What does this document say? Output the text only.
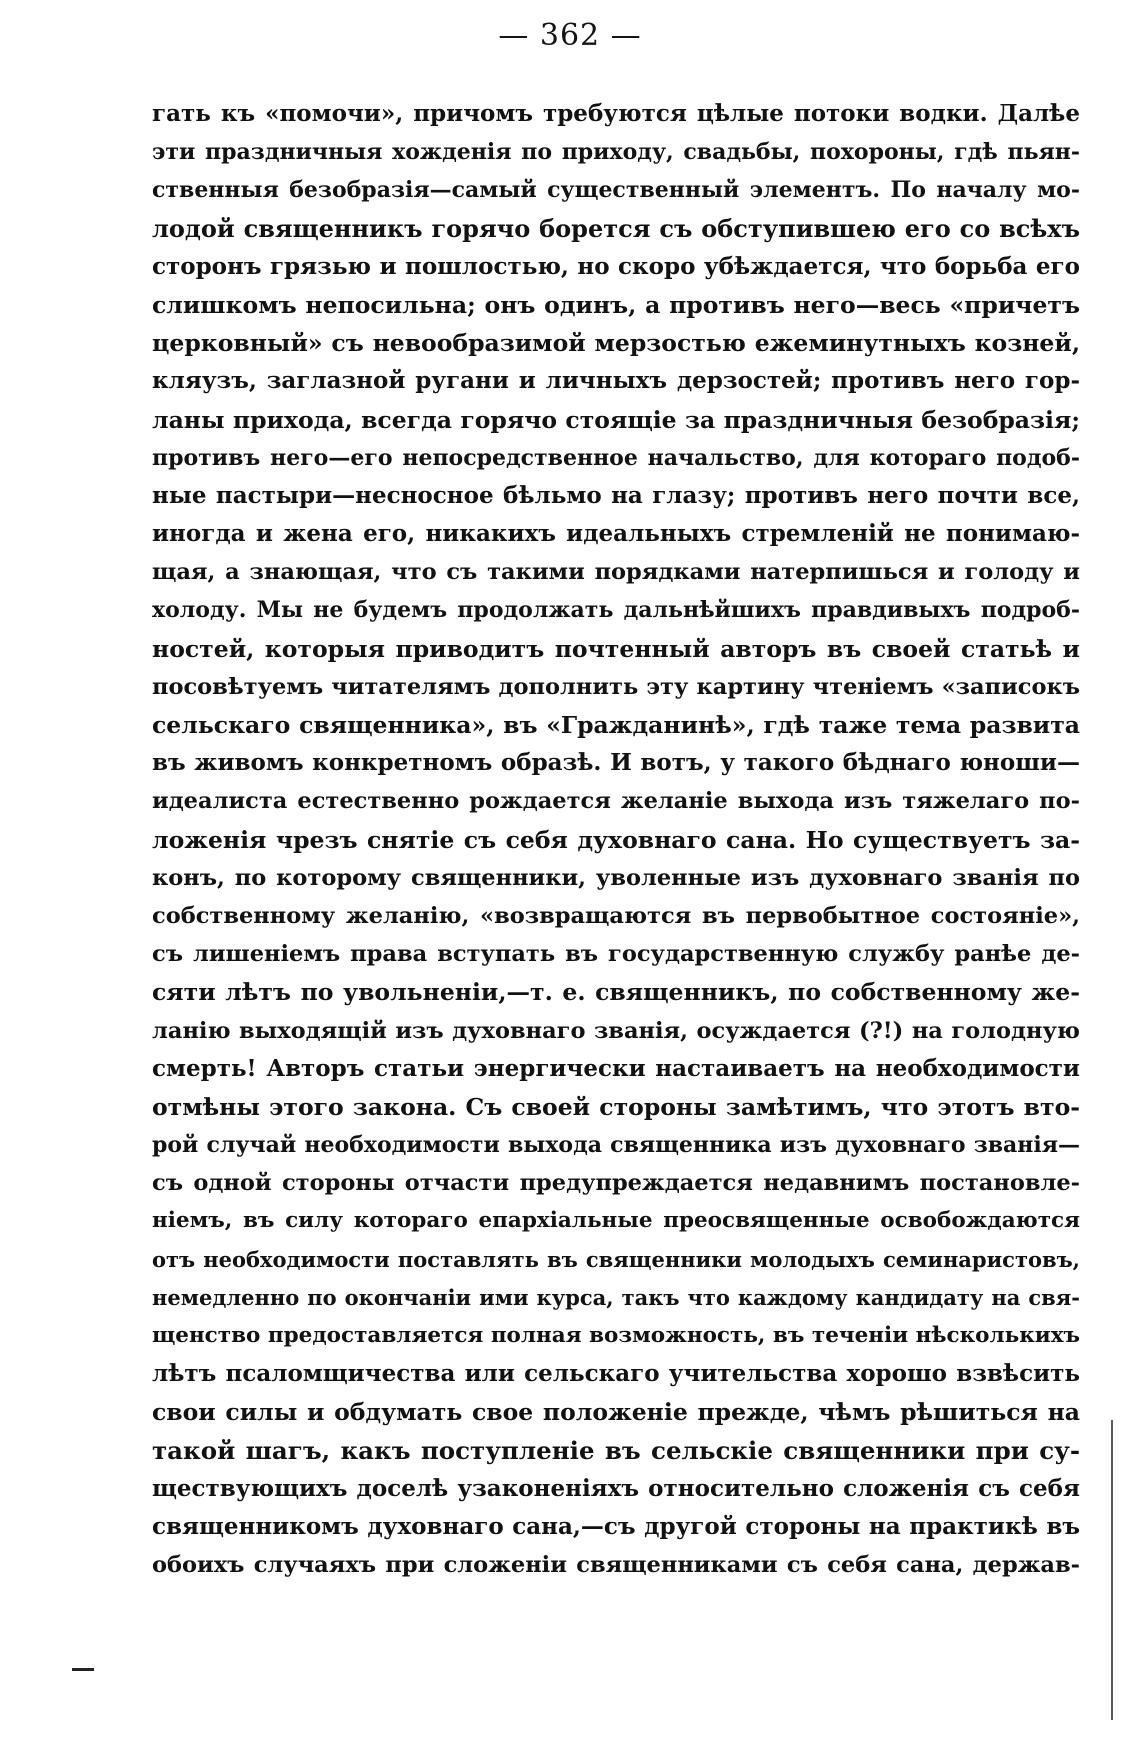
— 362 —
гать къ «помочи», причомъ требуются цѣлые потоки водки. Далѣе
эти праздничныя хожденія по приходу, свадьбы, похороны, гдѣ пьян-
ственныя безобразія—самый существенный элементъ. По началу мо-
лодой священникъ горячо борется съ обступившею его со всѣхъ
сторонъ грязью и пошлостью, но скоро убѣждается, что борьба его
слишкомъ непосильна; онъ одинъ, а противъ него—весь «причетъ
церковный» съ невообразимой мерзостью ежеминутныхъ козней,
кляузъ, заглазной ругани и личныхъ дерзостей; противъ него гор-
ланы прихода, всегда горячо стоящіе за праздничныя безобразія;
противъ него—его непосредственное начальство, для котораго подоб-
ные пастыри—несносное бѣльмо на глазу; противъ него почти все,
иногда и жена его, никакихъ идеальныхъ стремленій не понимаю-
щая, а знающая, что съ такими порядками натерпишься и голоду и
холоду. Мы не будемъ продолжать дальнѣйшихъ правдивыхъ подроб-
ностей, которыя приводитъ почтенный авторъ въ своей статьѣ и
посовѣтуемъ читателямъ дополнить эту картину чтеніемъ «записокъ
сельскаго священника», въ «Гражданинѣ», гдѣ таже тема развита
въ живомъ конкретномъ образѣ. И вотъ, у такого бѣднаго юноши—
идеалиста естественно рождается желаніе выхода изъ тяжелаго по-
ложенія чрезъ снятіе съ себя духовнаго сана. Но существуетъ за-
конъ, по которому священники, уволенные изъ духовнаго званія по
собственному желанію, «возвращаются въ первобытное состояніе»,
съ лишеніемъ права вступать въ государственную службу ранѣе де-
сяти лѣтъ по увольненіи,—т. е. священникъ, по собственному же-
ланію выходящій изъ духовнаго званія, осуждается (?!) на голодную
смерть! Авторъ статьи энергически настаиваетъ на необходимости
отмѣны этого закона. Съ своей стороны замѣтимъ, что этотъ вто-
рой случай необходимости выхода священника изъ духовнаго званія—
съ одной стороны отчасти предупреждается недавнимъ постановле-
ніемъ, въ силу котораго епархіальные преосвященные освобождаются
отъ необходимости поставлять въ священники молодыхъ семинаристовъ,
немедленно по окончаніи ими курса, такъ что каждому кандидату на свя-
щенство предоставляется полная возможность, въ теченіи нѣсколькихъ
лѣтъ псаломщичества или сельскаго учительства хорошо взвѣсить
свои силы и обдумать свое положеніе прежде, чѣмъ рѣшиться на
такой шагъ, какъ поступленіе въ сельскіе священники при су-
ществующихъ доселѣ узаконеніяхъ относительно сложенія съ себя
священникомъ духовнаго сана,—съ другой стороны на практикѣ въ
обоихъ случаяхъ при сложеніи священниками съ себя сана, держав-
